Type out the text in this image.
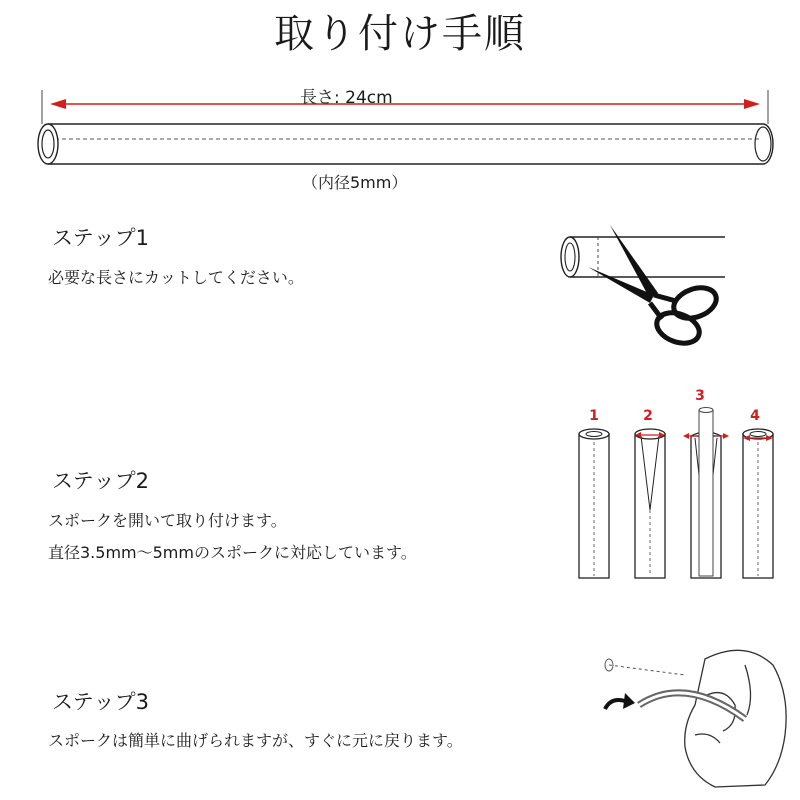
取り付け手順
長さ: 24cm
（内径5mm）
ステップ1
必要な長さにカットしてください。
1	2
3
4
ステップ2
スポークを開いて取り付けます。
直径3.5mm〜5mmのスポークに対応しています。
ステップ3
スポークは簡単に曲げられますが、すぐに元に戻ります。
